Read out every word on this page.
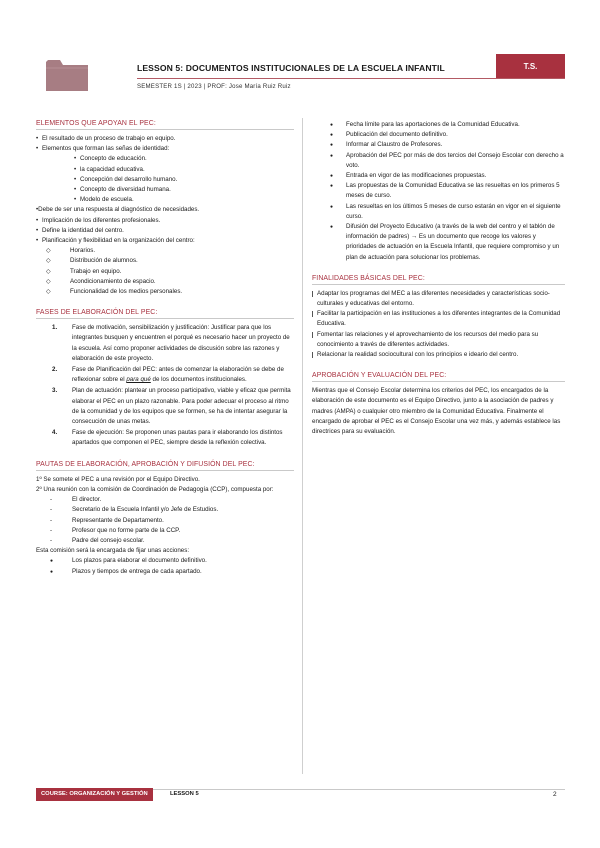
LESSON 5: DOCUMENTOS INSTITUCIONALES DE LA ESCUELA INFANTIL	T.S.
SEMESTER 1S | 2023 | PROF: Jose María Ruiz Ruiz
ELEMENTOS QUE APOYAN EL PEC:
• El resultado de un proceso de trabajo en equipo.
• Elementos que forman las señas de identidad:
• Concepto de educación.
• la capacidad educativa.
• Concepción del desarrollo humano.
• Concepto de diversidad humana.
• Modelo de escuela.
•Debe de ser una respuesta al diagnóstico de necesidades.
• Implicación de los diferentes profesionales.
• Define la identidad del centro.
• Planificación y flexibilidad en la organización del centro:
◇ Horarios.
◇ Distribución de alumnos.
◇ Trabajo en equipo.
◇ Acondicionamiento de espacio.
◇ Funcionalidad de los medios personales.
FASES DE ELABORACIÓN DEL PEC:
1. Fase de motivación, sensibilización y justificación: Justificar para que los integrantes busquen y encuentren el porqué es necesario hacer un proyecto de la escuela. Así como proponer actividades de discusión sobre las razones y elaboración de este proyecto.
2. Fase de Planificación del PEC: antes de comenzar la elaboración se debe de reflexionar sobre el para qué de los documentos institucionales.
3. Plan de actuación: plantear un proceso participativo, viable y eficaz que permita elaborar el PEC en un plazo razonable. Para poder adecuar el proceso al ritmo de la comunidad y de los equipos que se formen, se ha de intentar asegurar la consecución de unas metas.
4. Fase de ejecución: Se proponen unas pautas para ir elaborando los distintos apartados que componen el PEC, siempre desde la reflexión colectiva.
PAUTAS DE ELABORACIÓN, APROBACIÓN Y DIFUSIÓN DEL PEC:
1º Se somete el PEC a una revisión por el Equipo Directivo.
2º Una reunión con la comisión de Coordinación de Pedagogía (CCP), compuesta por:
- El director.
- Secretario de la Escuela Infantil y/o Jefe de Estudios.
- Representante de Departamento.
- Profesor que no forme parte de la CCP.
- Padre del consejo escolar.
Esta comisión será la encargada de fijar unas acciones:
● Los plazos para elaborar el documento definitivo.
● Plazos y tiempos de entrega de cada apartado.
● Fecha límite para las aportaciones de la Comunidad Educativa.
● Publicación del documento definitivo.
● Informar al Claustro de Profesores.
● Aprobación del PEC por más de dos tercios del Consejo Escolar con derecho a voto.
● Entrada en vigor de las modificaciones propuestas.
● Las propuestas de la Comunidad Educativa se las resueltas en los primeros 5 meses de curso.
● Las resueltas en los últimos 5 meses de curso estarán en vigor en el siguiente curso.
● Difusión del Proyecto Educativo (a través de la web del centro y el tablón de información de padres) → Es un documento que recoge los valores y prioridades de actuación en la Escuela Infantil, que requiere compromiso y un plan de actuación para solucionar los problemas.
FINALIDADES BÁSICAS DEL PEC:
Adaptar los programas del MEC a las diferentes necesidades y características socio-culturales y educativas del entorno.
Facilitar la participación en las instituciones a los diferentes integrantes de la Comunidad Educativa.
Fomentar las relaciones y el aprovechamiento de los recursos del medio para su conocimiento a través de diferentes actividades.
Relacionar la realidad sociocultural con los principios e ideario del centro.
APROBACIÓN Y EVALUACIÓN DEL PEC:

Mientras que el Consejo Escolar determina los criterios del PEC, los encargados de la elaboración de este documento es el Equipo Directivo, junto a la asociación de padres y madres (AMPA) o cualquier otro miembro de la Comunidad Educativa. Finalmente el encargado de aprobar el PEC es el Consejo Escolar una vez más, y además establece las directrices para su evaluación.

COURSE: ORGANIZACIÓN Y GESTIÓN	LESSON 5	2
